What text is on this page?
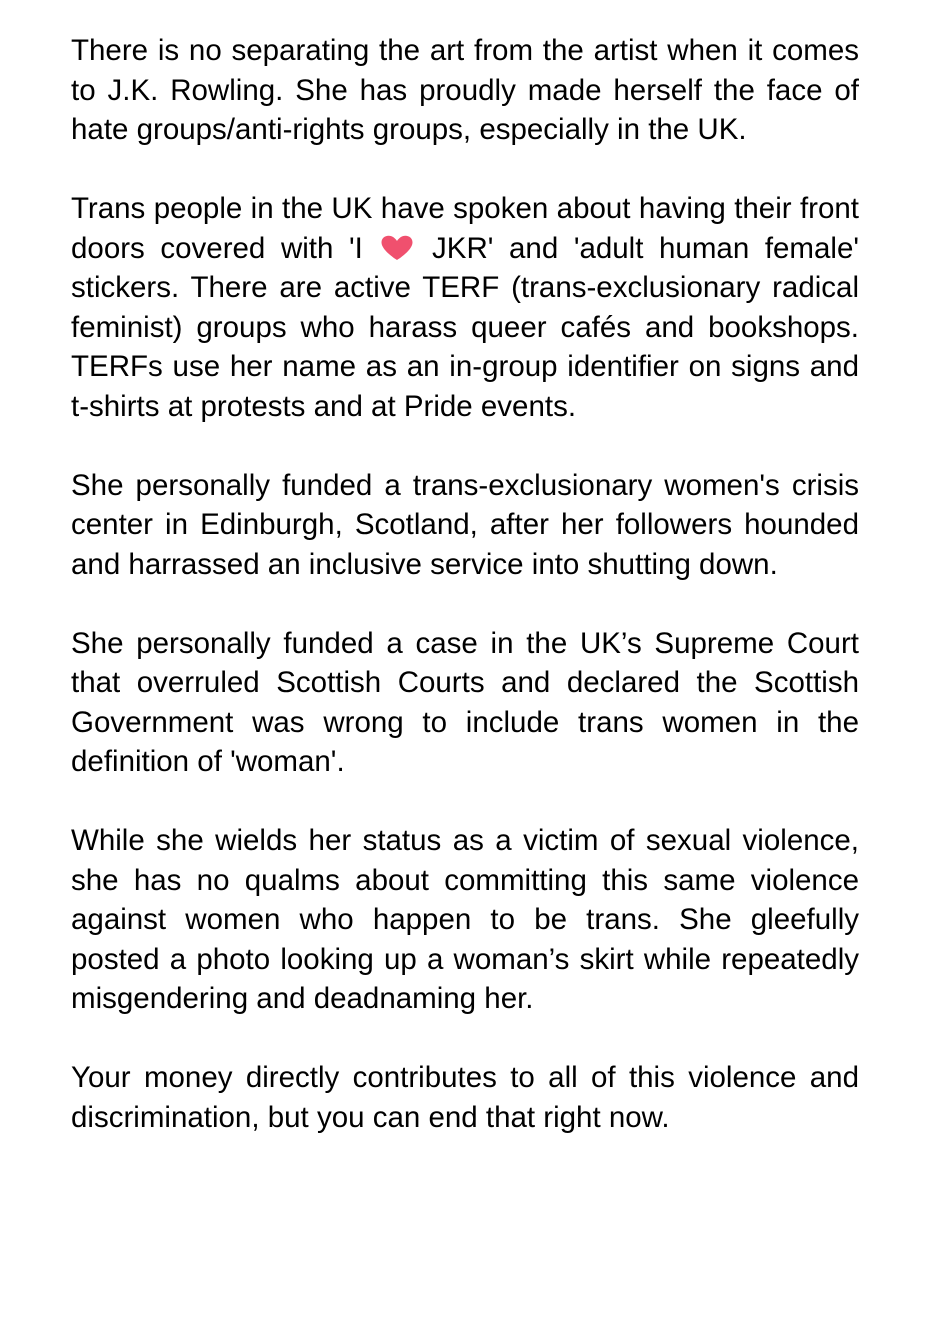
There is no separating the art from the artist when it comes to J.K. Rowling. She has proudly made herself the face of hate groups/anti-rights groups, especially in the UK.

Trans people in the UK have spoken about having their front doors covered with 'I JKR' and 'adult human female' stickers. There are active TERF (trans-exclusionary radical feminist) groups who harass queer cafés and bookshops. TERFs use her name as an in-group identifier on signs and t-shirts at protests and at Pride events.

She personally funded a trans-exclusionary women's crisis center in Edinburgh, Scotland, after her followers hounded and harrassed an inclusive service into shutting down.

She personally funded a case in the UK’s Supreme Court that overruled Scottish Courts and declared the Scottish Government was wrong to include trans women in the definition of 'woman'.

While she wields her status as a victim of sexual violence, she has no qualms about committing this same violence against women who happen to be trans. She gleefully posted a photo looking up a woman’s skirt while repeatedly misgendering and deadnaming her.

Your money directly contributes to all of this violence and discrimination, but you can end that right now.
